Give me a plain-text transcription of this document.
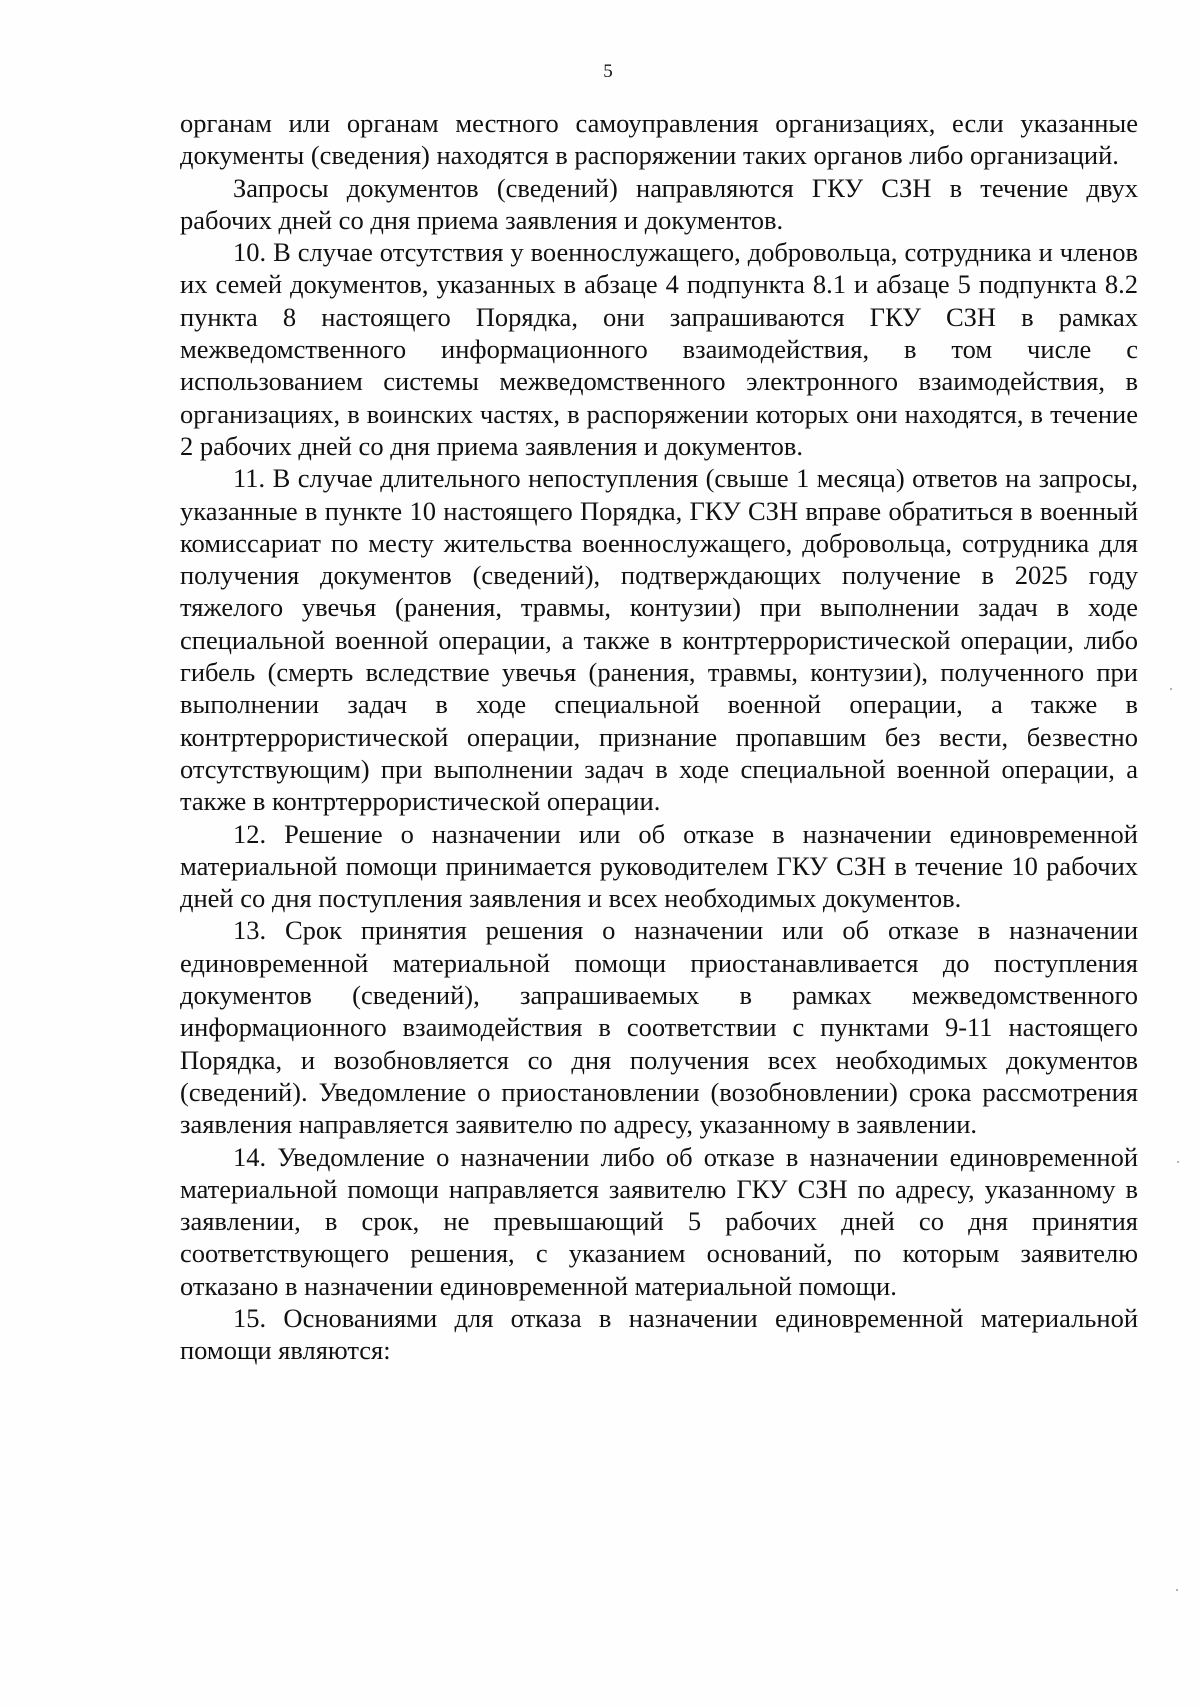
5

органам или органам местного самоуправления организациях, если указанные документы (сведения) находятся в распоряжении таких органов либо организаций.

Запросы документов (сведений) направляются ГКУ СЗН в течение двух рабочих дней со дня приема заявления и документов.

10. В случае отсутствия у военнослужащего, добровольца, сотрудника и членов их семей документов, указанных в абзаце 4 подпункта 8.1 и абзаце 5 подпункта 8.2 пункта 8 настоящего Порядка, они запрашиваются ГКУ СЗН в рамках межведомственного информационного взаимодействия, в том числе с использованием системы межведомственного электронного взаимодействия, в организациях, в воинских частях, в распоряжении которых они находятся, в течение 2 рабочих дней со дня приема заявления и документов.

11. В случае длительного непоступления (свыше 1 месяца) ответов на запросы, указанные в пункте 10 настоящего Порядка, ГКУ СЗН вправе обратиться в военный комиссариат по месту жительства военнослужащего, добровольца, сотрудника для получения документов (сведений), подтверждающих получение в 2025 году тяжелого увечья (ранения, травмы, контузии) при выполнении задач в ходе специальной военной операции, а также в контртеррористической операции, либо гибель (смерть вследствие увечья (ранения, травмы, контузии), полученного при выполнении задач в ходе специальной военной операции, а также в контртеррористической операции, признание пропавшим без вести, безвестно отсутствующим) при выполнении задач в ходе специальной военной операции, а также в контртеррористической операции.

12. Решение о назначении или об отказе в назначении единовременной материальной помощи принимается руководителем ГКУ СЗН в течение 10 рабочих дней со дня поступления заявления и всех необходимых документов.

13. Срок принятия решения о назначении или об отказе в назначении единовременной материальной помощи приостанавливается до поступления документов (сведений), запрашиваемых в рамках межведомственного информационного взаимодействия в соответствии с пунктами 9-11 настоящего Порядка, и возобновляется со дня получения всех необходимых документов (сведений). Уведомление о приостановлении (возобновлении) срока рассмотрения заявления направляется заявителю по адресу, указанному в заявлении.

14. Уведомление о назначении либо об отказе в назначении единовременной материальной помощи направляется заявителю ГКУ СЗН по адресу, указанному в заявлении, в срок, не превышающий 5 рабочих дней со дня принятия соответствующего решения, с указанием оснований, по которым заявителю отказано в назначении единовременной материальной помощи.

15. Основаниями для отказа в назначении единовременной материальной помощи являются:
